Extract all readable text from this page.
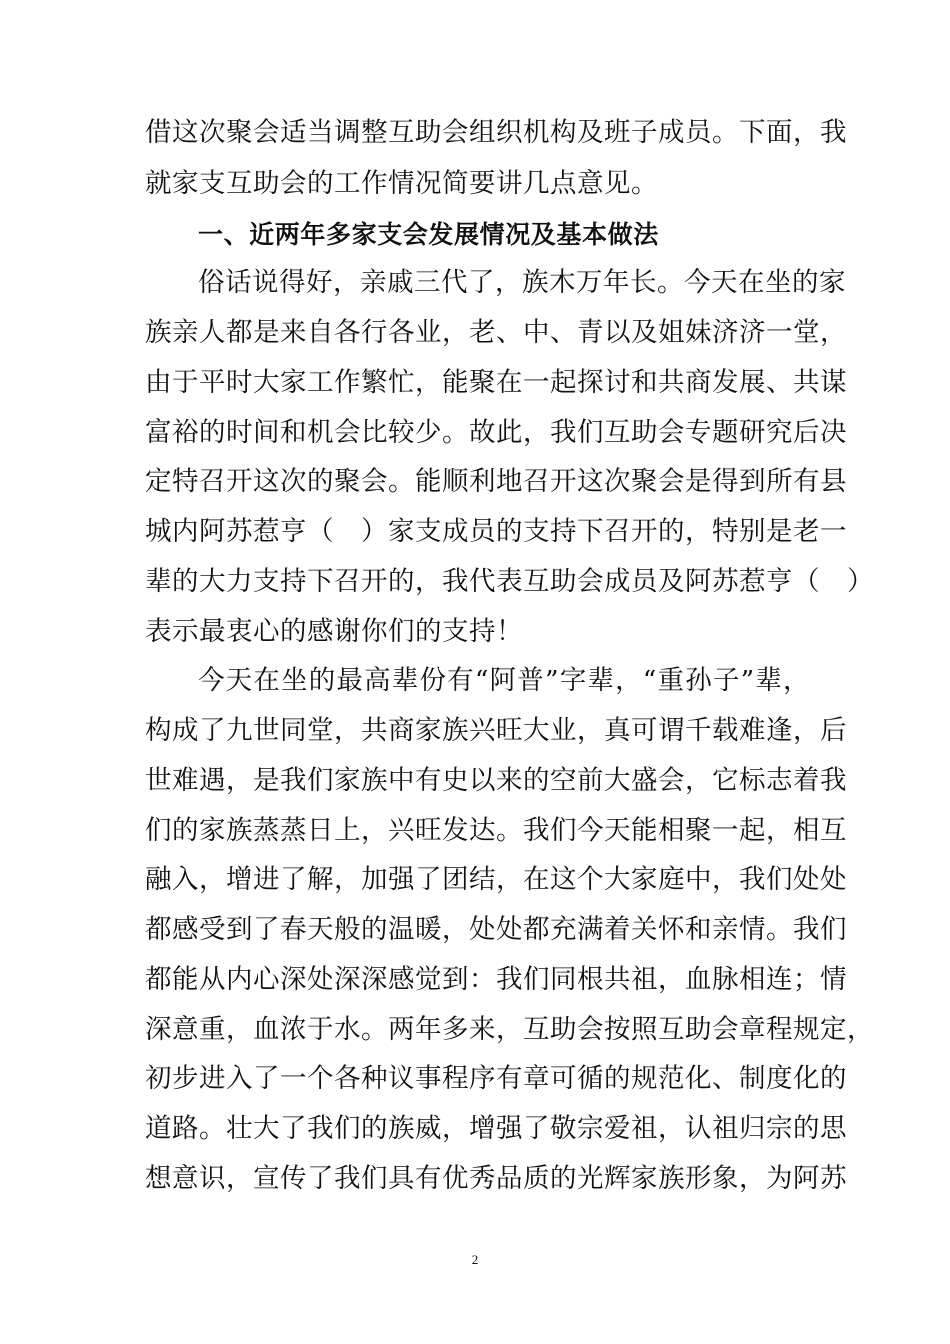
借这次聚会适当调整互助会组织机构及班子成员。下面，我
就家支互助会的工作情况简要讲几点意见。
一、近两年多家支会发展情况及基本做法
俗话说得好，亲戚三代了，族木万年长。今天在坐的家
族亲人都是来自各行各业，老、中、青以及姐妹济济一堂，
由于平时大家工作繁忙，能聚在一起探讨和共商发展、共谋
富裕的时间和机会比较少。故此，我们互助会专题研究后决
定特召开这次的聚会。能顺利地召开这次聚会是得到所有县
城内阿苏惹亨（　）家支成员的支持下召开的，特别是老一
辈的大力支持下召开的，我代表互助会成员及阿苏惹亨（　）
表示最衷心的感谢你们的支持！
今天在坐的最高辈份有“阿普”字辈，“重孙子”辈，
构成了九世同堂，共商家族兴旺大业，真可谓千载难逢，后
世难遇，是我们家族中有史以来的空前大盛会，它标志着我
们的家族蒸蒸日上，兴旺发达。我们今天能相聚一起，相互
融入，增进了解，加强了团结，在这个大家庭中，我们处处
都感受到了春天般的温暖，处处都充满着关怀和亲情。我们
都能从内心深处深深感觉到：我们同根共祖，血脉相连；情
深意重，血浓于水。两年多来，互助会按照互助会章程规定，
初步进入了一个各种议事程序有章可循的规范化、制度化的
道路。壮大了我们的族威，增强了敬宗爱祖，认祖归宗的思
想意识，宣传了我们具有优秀品质的光辉家族形象，为阿苏
2
